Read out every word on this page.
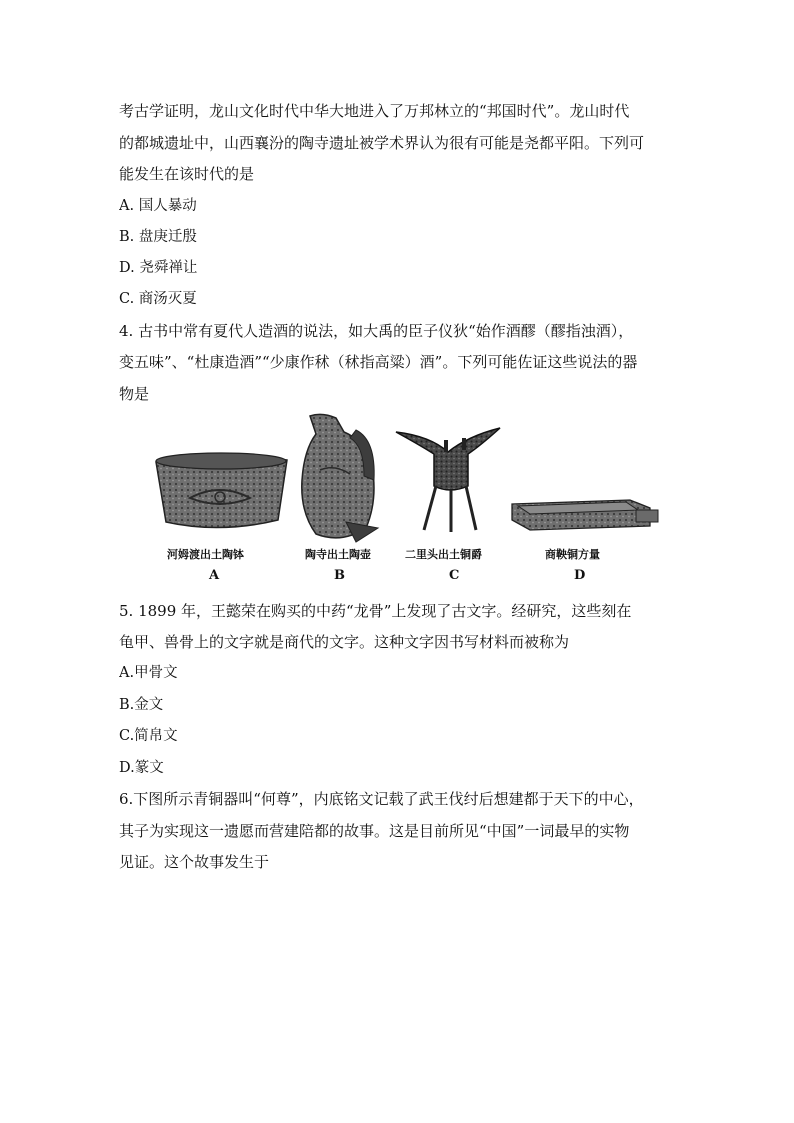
考古学证明，龙山文化时代中华大地进入了万邦林立的“邦国时代”。龙山时代
的都城遗址中，山西襄汾的陶寺遗址被学术界认为很有可能是尧都平阳。下列可
能发生在该时代的是
A. 国人暴动
B. 盘庚迁殷
D. 尧舜禅让
C. 商汤灭夏
4. 古书中常有夏代人造酒的说法，如大禹的臣子仪狄“始作酒醪（醪指浊酒），
变五味”、“杜康造酒”“少康作秫（秫指高粱）酒”。下列可能佐证这些说法的器
物是
河姆渡出土陶钵	陶寺出土陶壶	二里头出土铜爵	商鞅铜方量
A	B	C	D
5. 1899 年，王懿荣在购买的中药“龙骨”上发现了古文字。经研究，这些刻在
龟甲、兽骨上的文字就是商代的文字。这种文字因书写材料而被称为
A.甲骨文
B.金文
C.简帛文
D.篆文
6.下图所示青铜器叫“何尊”，内底铭文记载了武王伐纣后想建都于天下的中心，
其子为实现这一遗愿而营建陪都的故事。这是目前所见“中国”一词最早的实物
见证。这个故事发生于
